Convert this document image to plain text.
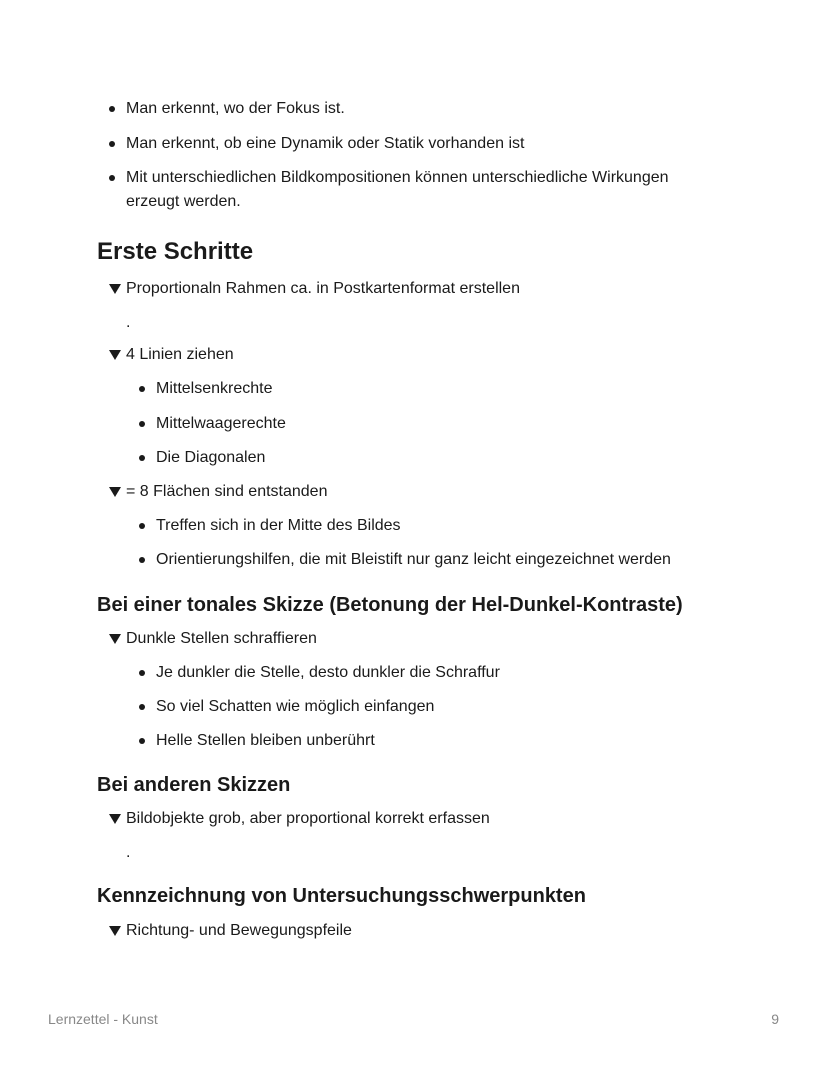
Man erkennt, wo der Fokus ist.
Man erkennt, ob eine Dynamik oder Statik vorhanden ist
Mit unterschiedlichen Bildkompositionen können unterschiedliche Wirkungen
erzeugt werden.
Erste Schritte
Proportionaln Rahmen ca. in Postkartenformat erstellen
.
4 Linien ziehen
Mittelsenkrechte
Mittelwaagerechte
Die Diagonalen
= 8 Flächen sind entstanden
Treffen sich in der Mitte des Bildes
Orientierungshilfen, die mit Bleistift nur ganz leicht eingezeichnet werden
Bei einer tonales Skizze (Betonung der Hel-Dunkel-Kontraste)
Dunkle Stellen schraffieren
Je dunkler die Stelle, desto dunkler die Schraffur
So viel Schatten wie möglich einfangen
Helle Stellen bleiben unberührt
Bei anderen Skizzen
Bildobjekte grob, aber proportional korrekt erfassen
.
Kennzeichnung von Untersuchungsschwerpunkten
Richtung- und Bewegungspfeile
Lernzettel - Kunst	9
